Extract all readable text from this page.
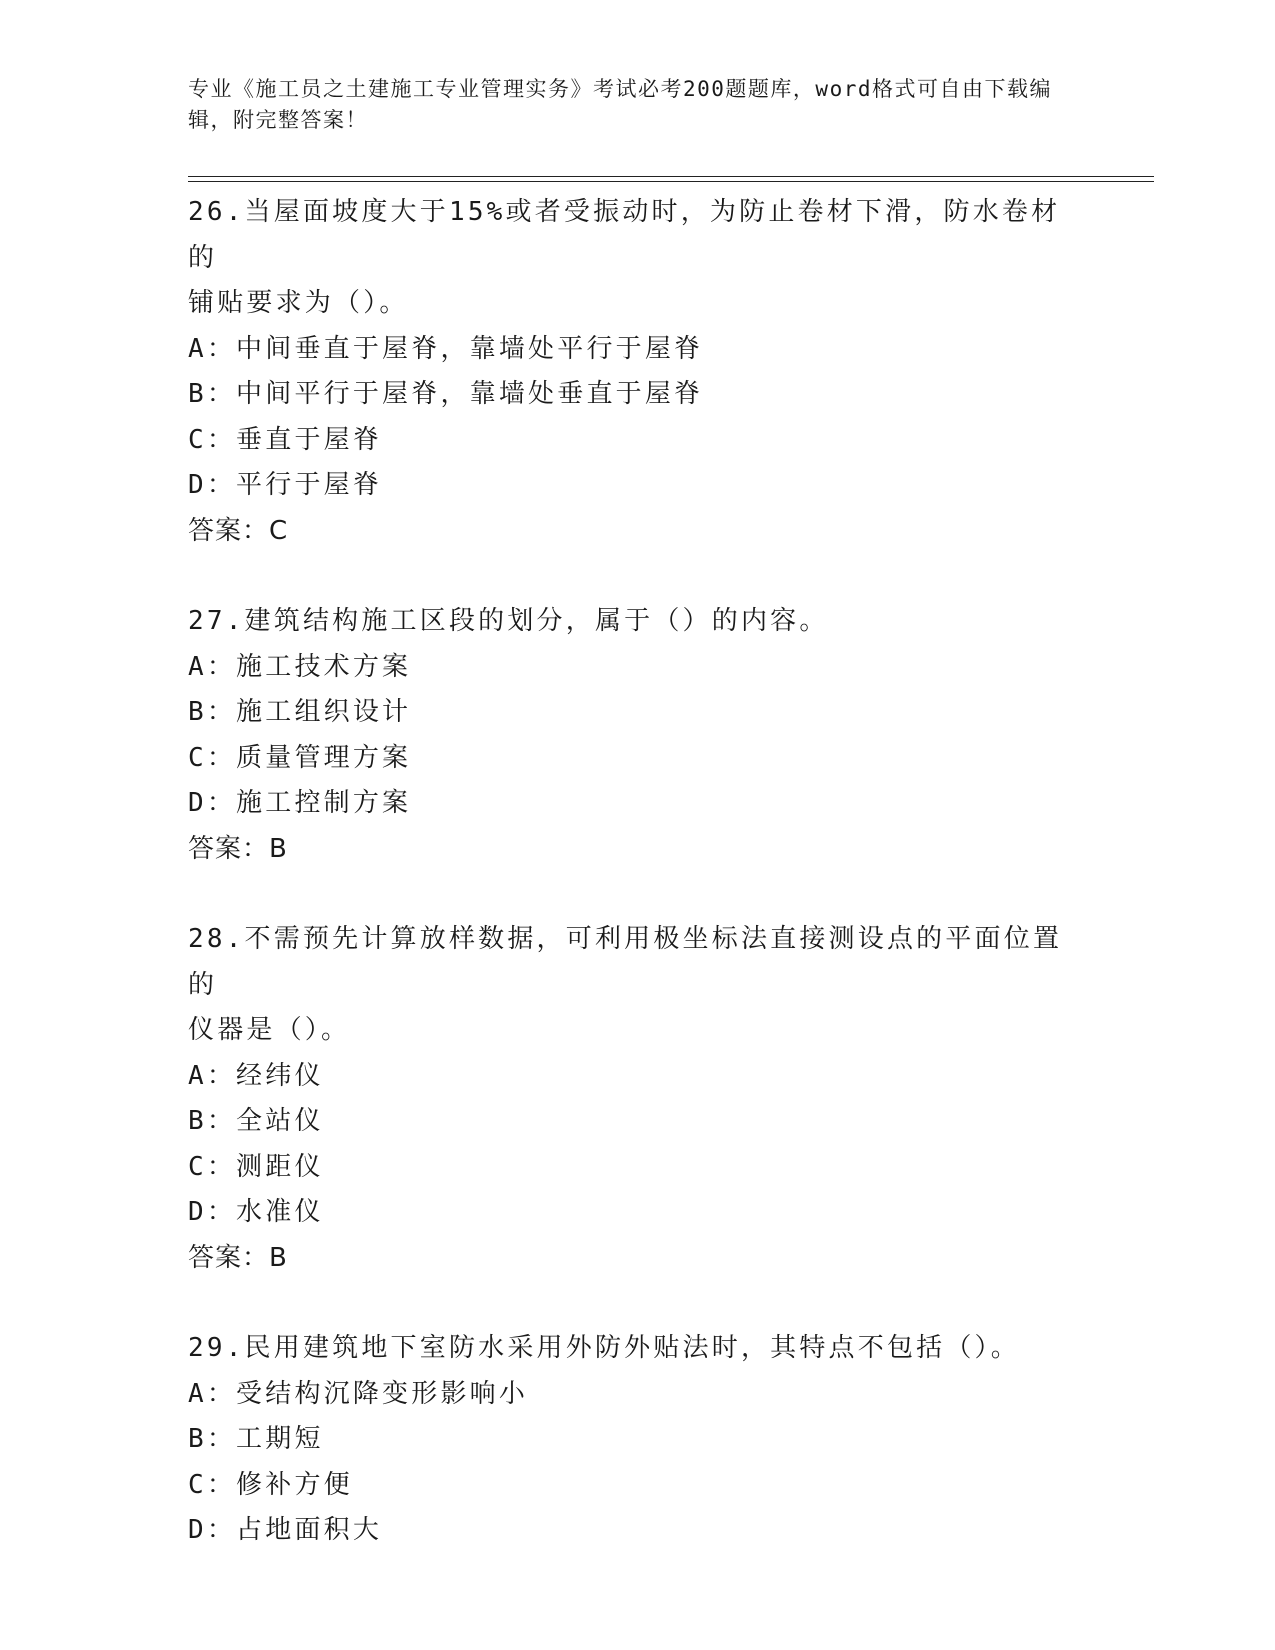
专业《施工员之土建施工专业管理实务》考试必考200题题库，word格式可自由下载编辑，附完整答案！

26.当屋面坡度大于15%或者受振动时，为防止卷材下滑，防水卷材的

铺贴要求为（）。

A：中间垂直于屋脊，靠墙处平行于屋脊

B：中间平行于屋脊，靠墙处垂直于屋脊

C：垂直于屋脊

D：平行于屋脊

答案：C

27.建筑结构施工区段的划分，属于（）的内容。

A：施工技术方案

B：施工组织设计

C：质量管理方案

D：施工控制方案

答案：B

28.不需预先计算放样数据，可利用极坐标法直接测设点的平面位置的

仪器是（）。

A：经纬仪

B：全站仪

C：测距仪

D：水准仪

答案：B

29.民用建筑地下室防水采用外防外贴法时，其特点不包括（）。

A：受结构沉降变形影响小

B：工期短

C：修补方便

D：占地面积大
